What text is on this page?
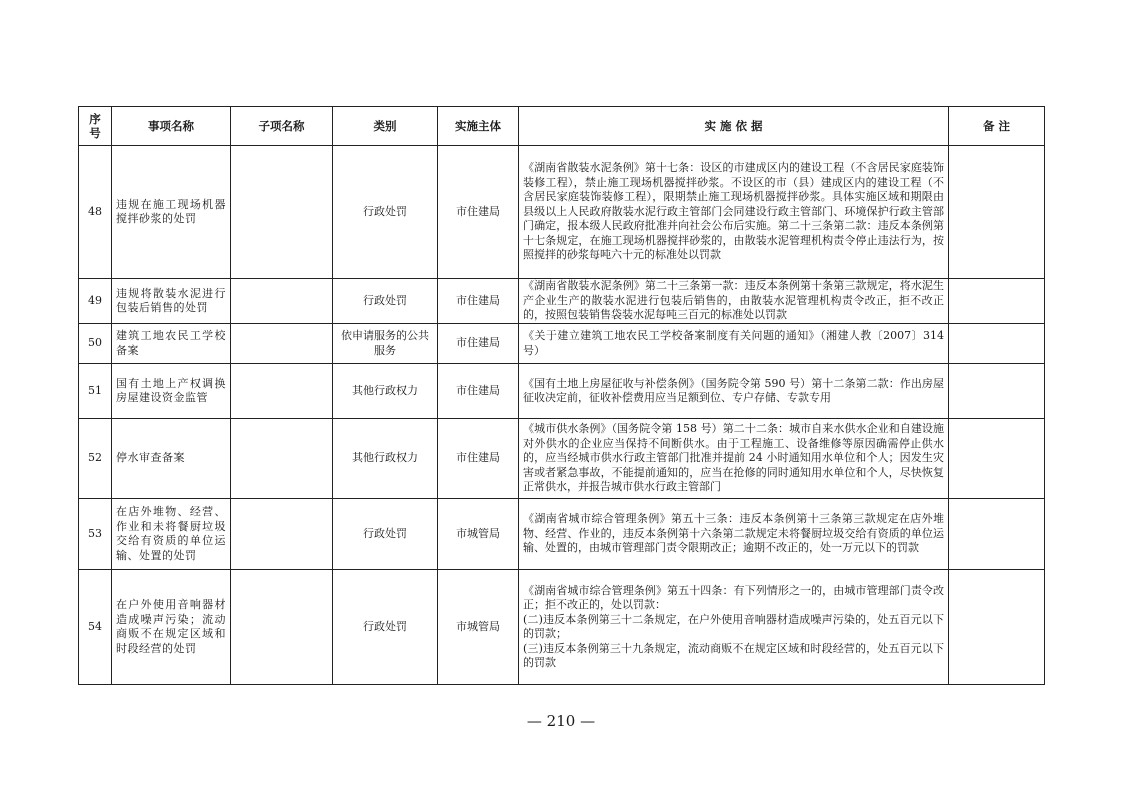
序号	事项名称	子项名称	类别	实施主体	实 施 依 据	备 注
48	违规在施工现场机器搅拌砂浆的处罚		行政处罚	市住建局	《湖南省散装水泥条例》第十七条：设区的市建成区内的建设工程（不含居民家庭装饰装修工程），禁止施工现场机器搅拌砂浆。不设区的市（县）建成区内的建设工程（不含居民家庭装饰装修工程），限期禁止施工现场机器搅拌砂浆。具体实施区域和期限由县级以上人民政府散装水泥行政主管部门会同建设行政主管部门、环境保护行政主管部门确定，报本级人民政府批准并向社会公布后实施。第二十三条第二款：违反本条例第十七条规定，在施工现场机器搅拌砂浆的，由散装水泥管理机构责令停止违法行为，按照搅拌的砂浆每吨六十元的标准处以罚款	
49	违规将散装水泥进行包装后销售的处罚		行政处罚	市住建局	《湖南省散装水泥条例》第二十三条第一款：违反本条例第十条第三款规定，将水泥生产企业生产的散装水泥进行包装后销售的，由散装水泥管理机构责令改正，拒不改正的，按照包装销售袋装水泥每吨三百元的标准处以罚款	
50	建筑工地农民工学校备案		依申请服务的公共服务	市住建局	《关于建立建筑工地农民工学校备案制度有关问题的通知》（湘建人教〔2007〕314 号）	
51	国有土地上产权调换房屋建设资金监管		其他行政权力	市住建局	《国有土地上房屋征收与补偿条例》（国务院令第 590 号）第十二条第二款：作出房屋征收决定前，征收补偿费用应当足额到位、专户存储、专款专用	
52	停水审查备案		其他行政权力	市住建局	《城市供水条例》（国务院令第 158 号）第二十二条：城市自来水供水企业和自建设施对外供水的企业应当保持不间断供水。由于工程施工、设备维修等原因确需停止供水的，应当经城市供水行政主管部门批准并提前 24 小时通知用水单位和个人；因发生灾害或者紧急事故，不能提前通知的，应当在抢修的同时通知用水单位和个人，尽快恢复正常供水，并报告城市供水行政主管部门	
53	在店外堆物、经营、作业和未将餐厨垃圾交给有资质的单位运输、处置的处罚		行政处罚	市城管局	《湖南省城市综合管理条例》第五十三条：违反本条例第十三条第三款规定在店外堆物、经营、作业的，违反本条例第十六条第二款规定未将餐厨垃圾交给有资质的单位运输、处置的，由城市管理部门责令限期改正；逾期不改正的，处一万元以下的罚款	
54	在户外使用音响器材造成噪声污染；流动商贩不在规定区域和时段经营的处罚		行政处罚	市城管局	《湖南省城市综合管理条例》第五十四条：有下列情形之一的，由城市管理部门责令改正；拒不改正的，处以罚款：
(二)违反本条例第三十二条规定，在户外使用音响器材造成噪声污染的，处五百元以下的罚款；
(三)违反本条例第三十九条规定，流动商贩不在规定区域和时段经营的，处五百元以下的罚款	

— 210 —
